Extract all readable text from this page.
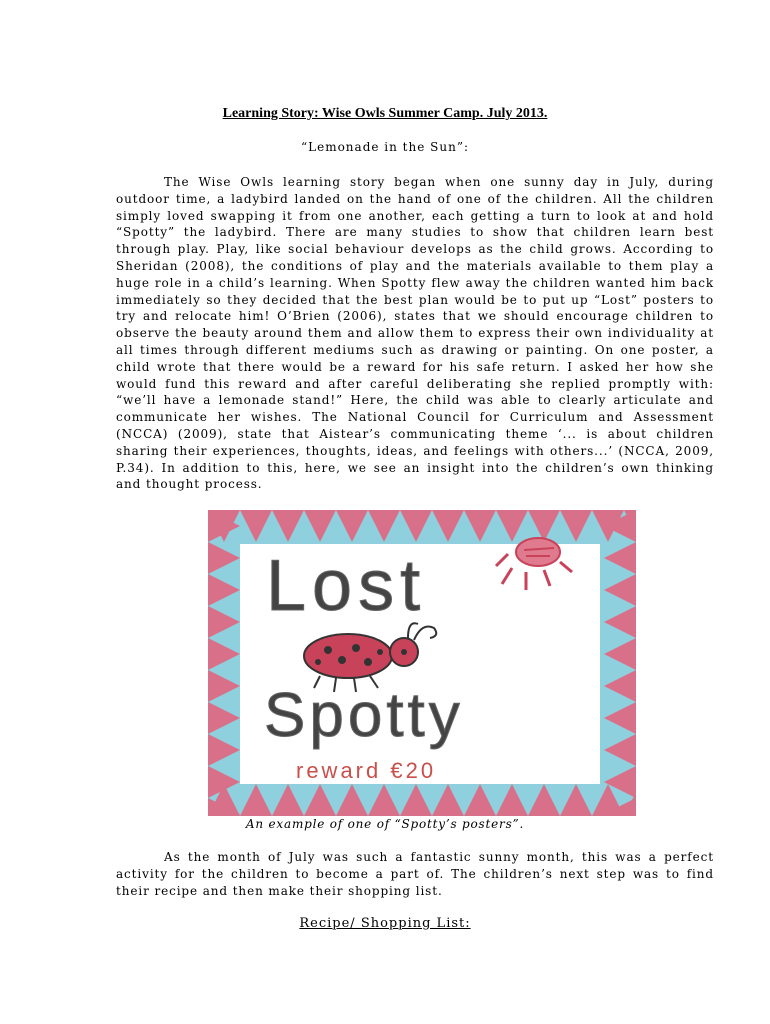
Learning Story: Wise Owls Summer Camp. July 2013.
“Lemonade in the Sun”:

The Wise Owls learning story began when one sunny day in July, during outdoor time, a ladybird landed on the hand of one of the children. All the children simply loved swapping it from one another, each getting a turn to look at and hold “Spotty” the ladybird. There are many studies to show that children learn best through play. Play, like social behaviour develops as the child grows. According to Sheridan (2008), the conditions of play and the materials available to them play a huge role in a child’s learning. When Spotty flew away the children wanted him back immediately so they decided that the best plan would be to put up “Lost” posters to try and relocate him! O’Brien (2006), states that we should encourage children to observe the beauty around them and allow them to express their own individuality at all times through different mediums such as drawing or painting. On one poster, a child wrote that there would be a reward for his safe return. I asked her how she would fund this reward and after careful deliberating she replied promptly with: “we’ll have a lemonade stand!” Here, the child was able to clearly articulate and communicate her wishes. The National Council for Curriculum and Assessment (NCCA) (2009), state that Aistear’s communicating theme ‘... is about children sharing their experiences, thoughts, ideas, and feelings with others...’ (NCCA, 2009, P.34). In addition to this, here, we see an insight into the children’s own thinking and thought process.

Lost
Spotty
reward €20
An example of one of “Spotty’s posters”.

As the month of July was such a fantastic sunny month, this was a perfect activity for the children to become a part of. The children’s next step was to find their recipe and then make their shopping list.

Recipe/ Shopping List:
